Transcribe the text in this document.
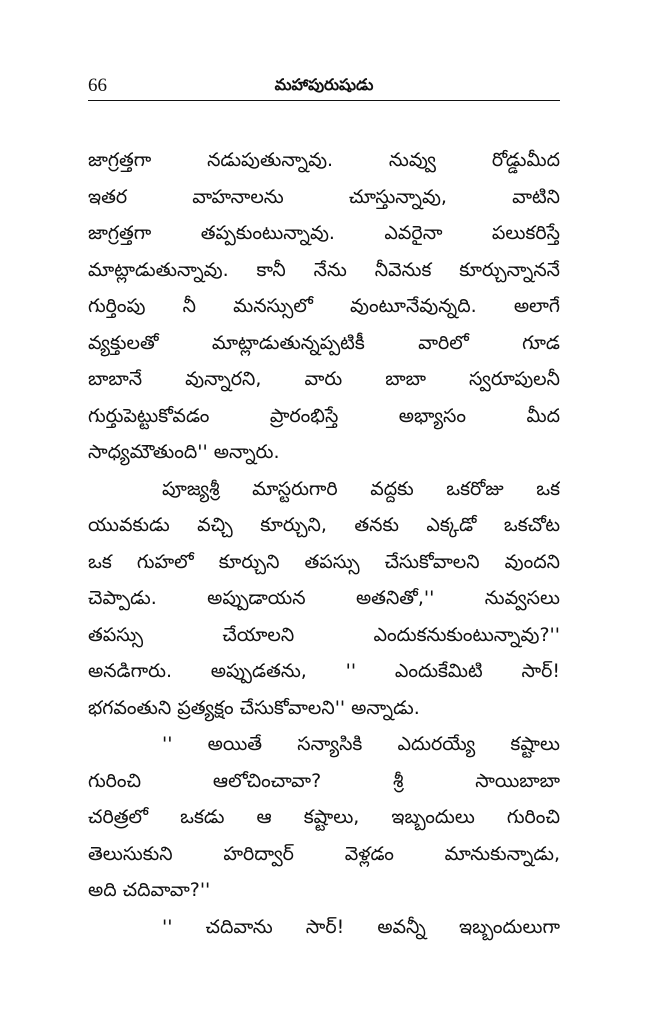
66	మహాపురుషుడు
జాగ్రత్తగా నడుపుతున్నావు. నువ్వు రోడ్డుమీద
ఇతర వాహనాలను చూస్తున్నావు, వాటిని
జాగ్రత్తగా తప్పకుంటున్నావు. ఎవరైనా పలుకరిస్తే
మాట్లాడుతున్నావు. కానీ నేను నీవెనుక కూర్చున్నాననే
గుర్తింపు నీ మనస్సులో వుంటూనేవున్నది. అలాగే
వ్యక్తులతో మాట్లాడుతున్నప్పటికీ వారిలో గూడ
బాబానే వున్నారని, వారు బాబా స్వరూపులనీ
గుర్తుపెట్టుకోవడం ప్రారంభిస్తే అభ్యాసం మీద
సాధ్యమౌతుంది'' అన్నారు.
పూజ్యశ్రీ మాస్టరుగారి వద్దకు ఒకరోజు ఒక
యువకుడు వచ్చి కూర్చుని, తనకు ఎక్కడో ఒకచోట
ఒక గుహలో కూర్చుని తపస్సు చేసుకోవాలని వుందని
చెప్పాడు. అప్పుడాయన అతనితో,'' నువ్వసలు
తపస్సు చేయాలని ఎందుకనుకుంటున్నావు?''
అనడిగారు. అప్పుడతను, '' ఎందుకేమిటి సార్!
భగవంతుని ప్రత్యక్షం చేసుకోవాలని'' అన్నాడు.
'' అయితే సన్యాసికి ఎదురయ్యే కష్టాలు
గురించి ఆలోచించావా? శ్రీ సాయిబాబా
చరిత్రలో ఒకడు ఆ కష్టాలు, ఇబ్బందులు గురించి
తెలుసుకుని హరిద్వార్ వెళ్లడం మానుకున్నాడు,
అది చదివావా?''
'' చదివాను సార్! అవన్నీ ఇబ్బందులుగా
